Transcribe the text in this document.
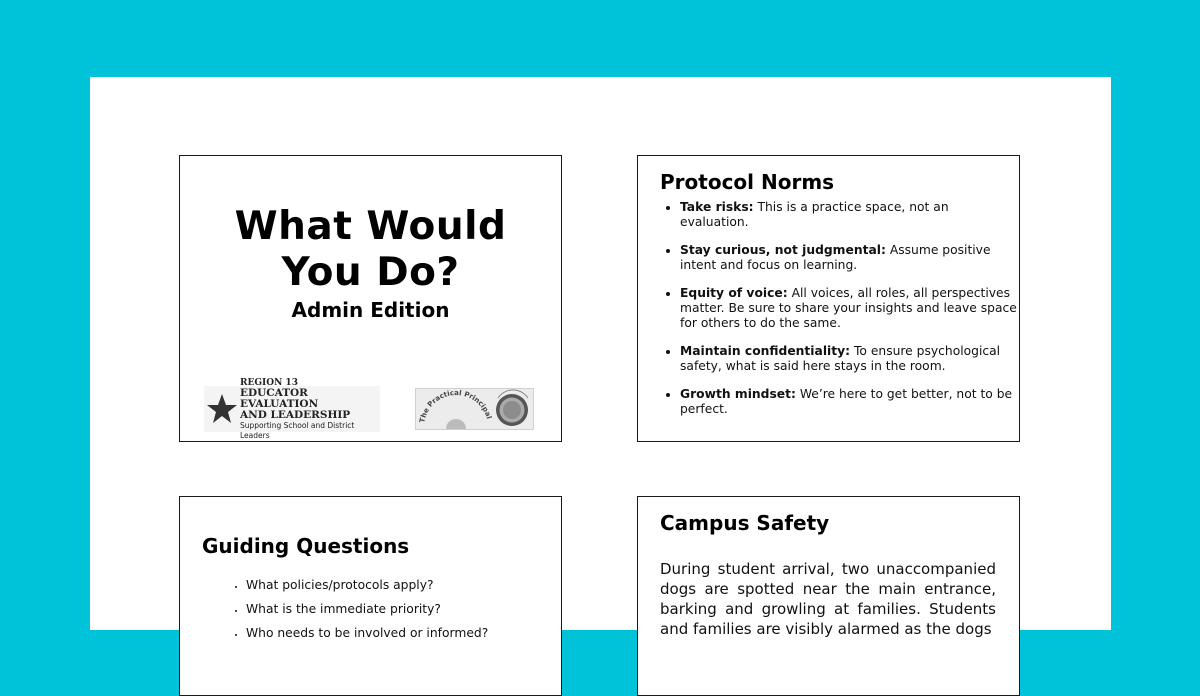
What Would
You Do?
Admin Edition
REGION 13
EDUCATOR EVALUATION
AND LEADERSHIP
Supporting School and District Leaders
The Practical Principal
Protocol Norms
• Take risks: This is a practice space, not an evaluation.
• Stay curious, not judgmental: Assume positive intent and focus on learning.
• Equity of voice: All voices, all roles, all perspectives matter. Be sure to share your insights and leave space for others to do the same.
• Maintain confidentiality: To ensure psychological safety, what is said here stays in the room.
• Growth mindset: We’re here to get better, not to be perfect.
Guiding Questions
• What policies/protocols apply?
• What is the immediate priority?
• Who needs to be involved or informed?
Campus Safety
During student arrival, two unaccompanied dogs are spotted near the main entrance, barking and growling at families. Students and families are visibly alarmed as the dogs
